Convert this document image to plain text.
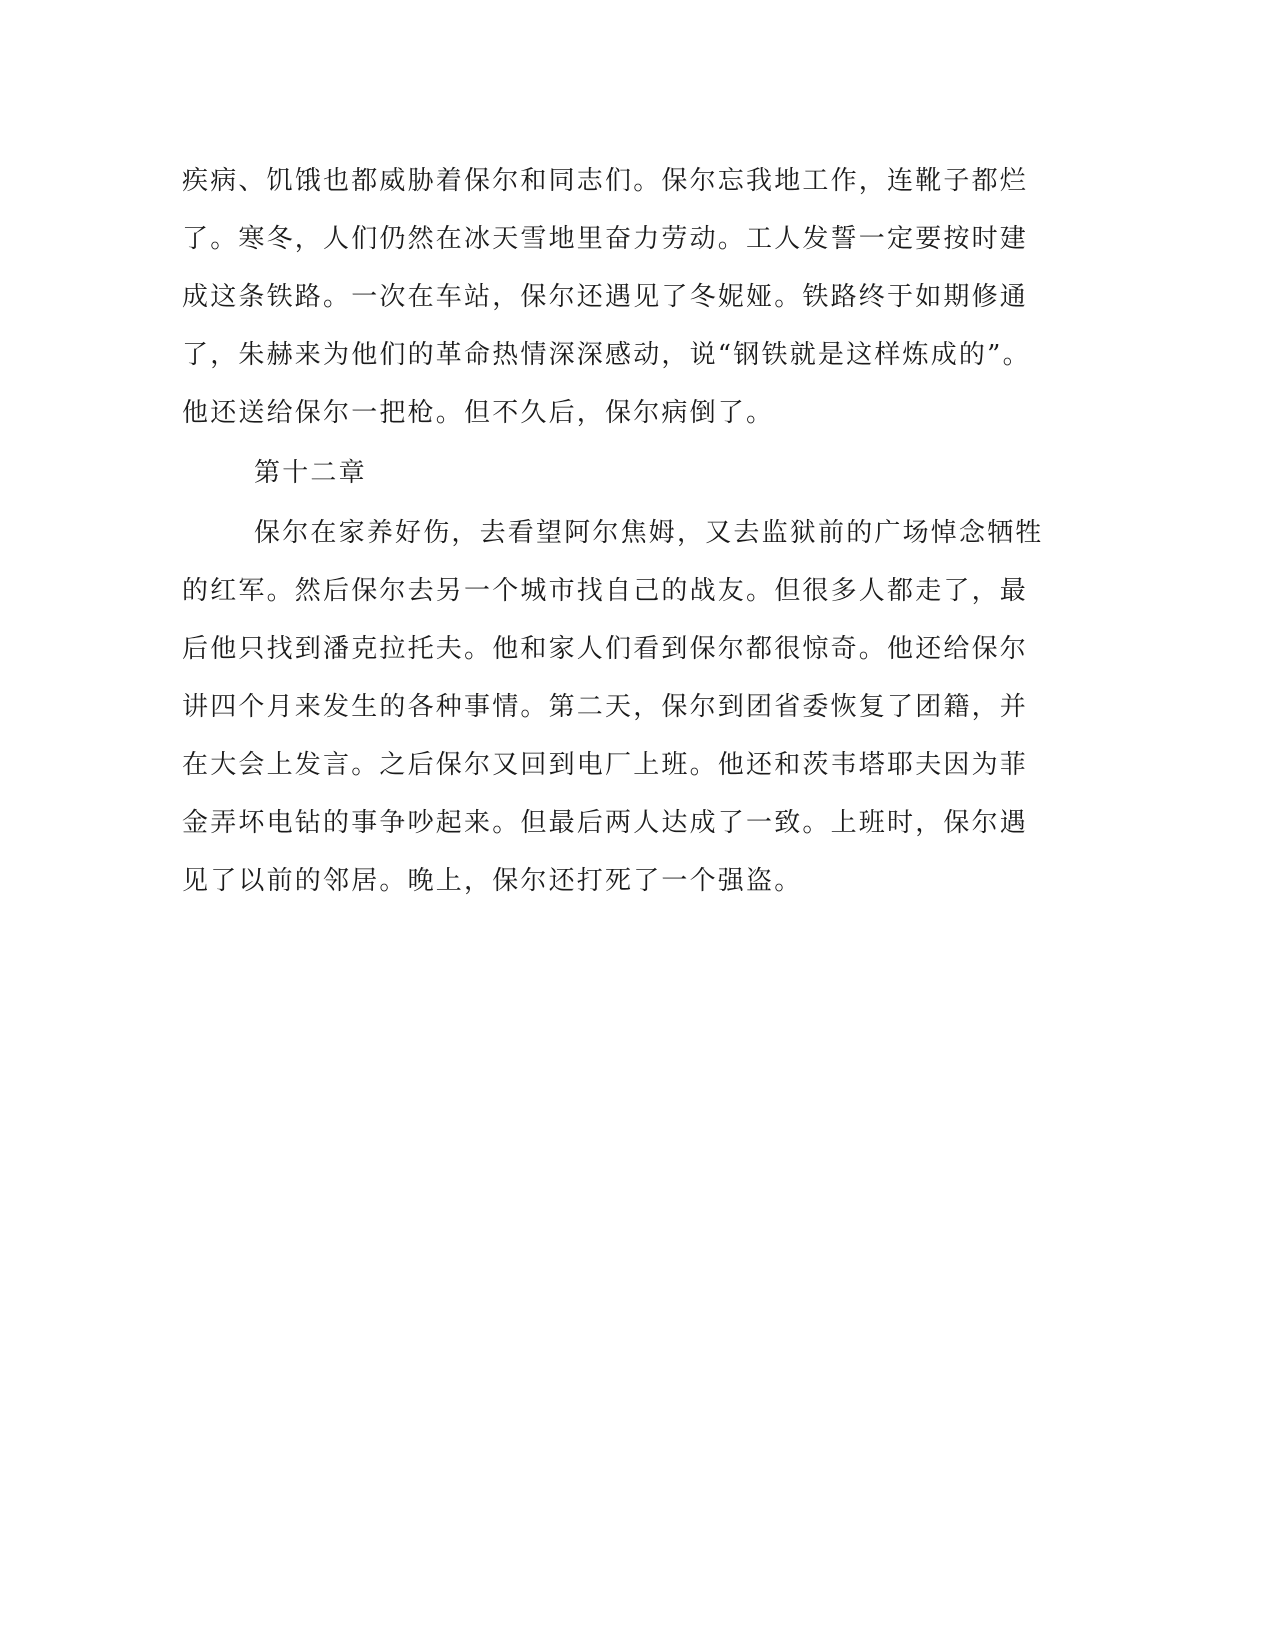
疾病、饥饿也都威胁着保尔和同志们。保尔忘我地工作，连靴子都烂
了。寒冬，人们仍然在冰天雪地里奋力劳动。工人发誓一定要按时建
成这条铁路。一次在车站，保尔还遇见了冬妮娅。铁路终于如期修通
了，朱赫来为他们的革命热情深深感动，说“钢铁就是这样炼成的”。
他还送给保尔一把枪。但不久后，保尔病倒了。
第十二章
保尔在家养好伤，去看望阿尔焦姆，又去监狱前的广场悼念牺牲
的红军。然后保尔去另一个城市找自己的战友。但很多人都走了，最
后他只找到潘克拉托夫。他和家人们看到保尔都很惊奇。他还给保尔
讲四个月来发生的各种事情。第二天，保尔到团省委恢复了团籍，并
在大会上发言。之后保尔又回到电厂上班。他还和茨韦塔耶夫因为菲
金弄坏电钻的事争吵起来。但最后两人达成了一致。上班时，保尔遇
见了以前的邻居。晚上，保尔还打死了一个强盗。
